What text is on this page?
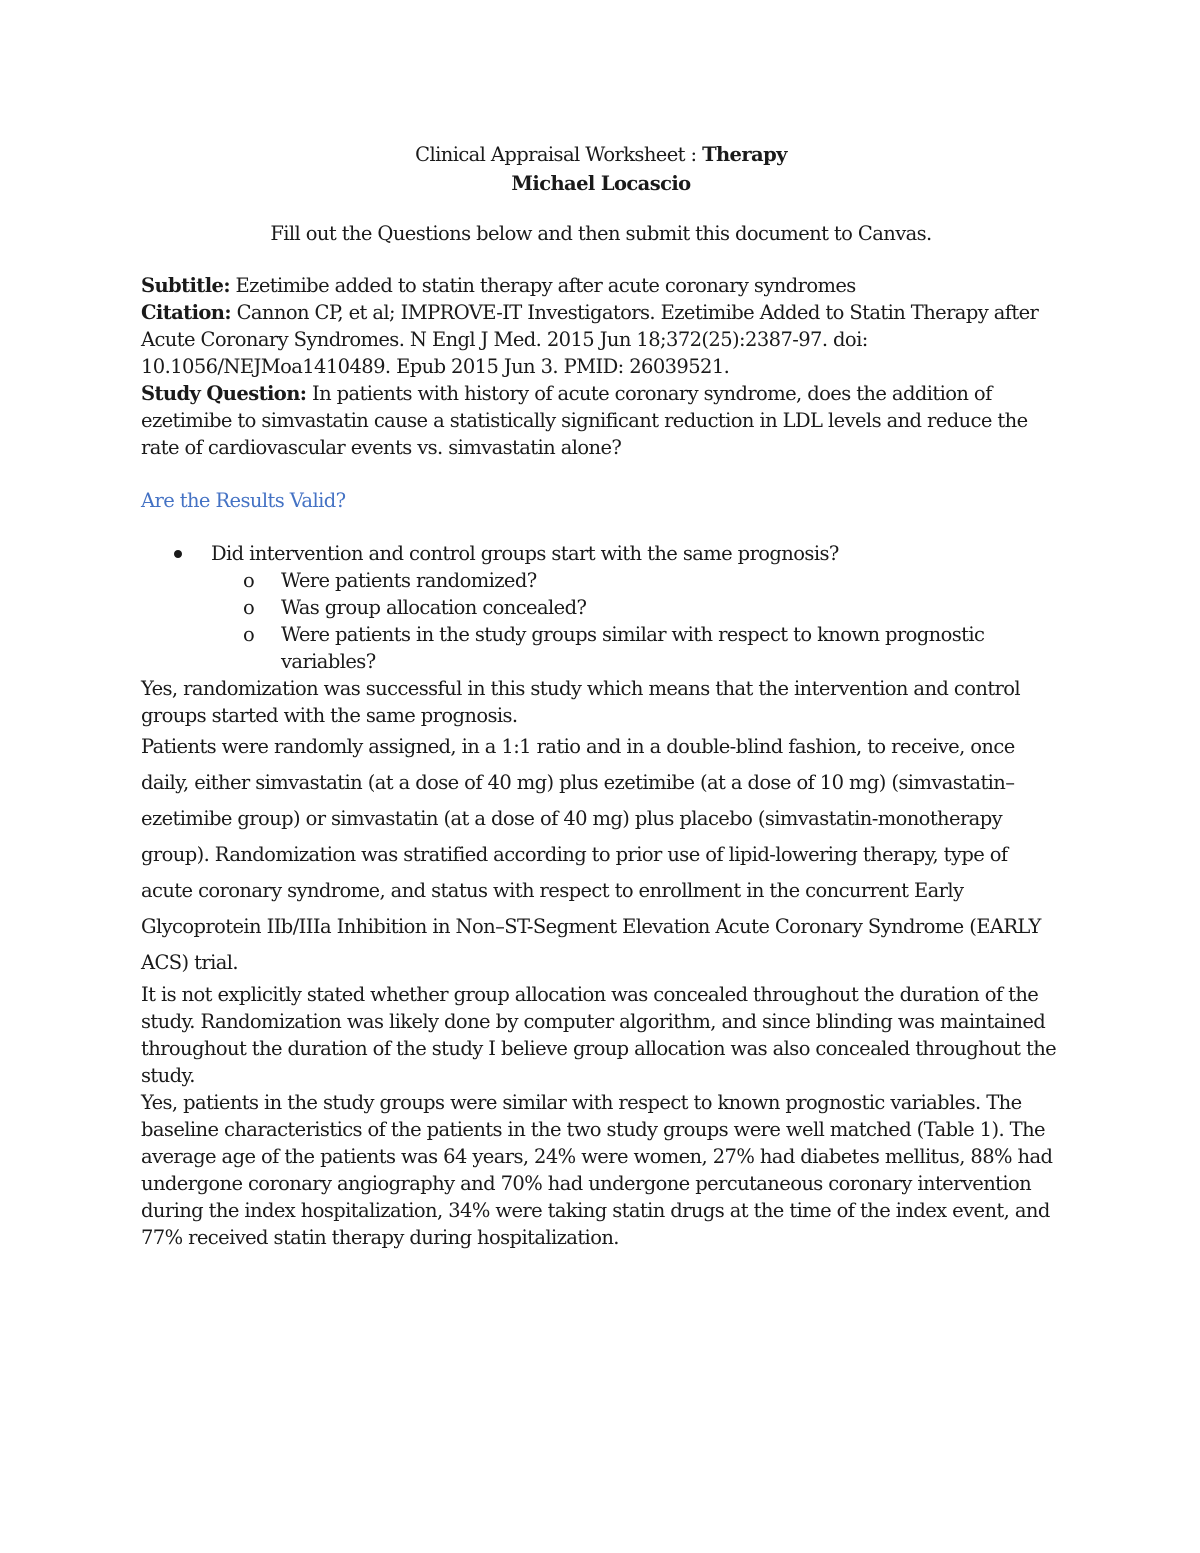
Clinical Appraisal Worksheet : Therapy

Michael Locascio

Fill out the Questions below and then submit this document to Canvas.

Subtitle: Ezetimibe added to statin therapy after acute coronary syndromes

Citation: Cannon CP, et al; IMPROVE-IT Investigators. Ezetimibe Added to Statin Therapy after Acute Coronary Syndromes. N Engl J Med. 2015 Jun 18;372(25):2387-97. doi: 10.1056/NEJMoa1410489. Epub 2015 Jun 3. PMID: 26039521.

Study Question: In patients with history of acute coronary syndrome, does the addition of ezetimibe to simvastatin cause a statistically significant reduction in LDL levels and reduce the rate of cardiovascular events vs. simvastatin alone?

Are the Results Valid?
Did intervention and control groups start with the same prognosis?
o Were patients randomized?
o Was group allocation concealed?
o Were patients in the study groups similar with respect to known prognostic variables?

Yes, randomization was successful in this study which means that the intervention and control groups started with the same prognosis.

Patients were randomly assigned, in a 1:1 ratio and in a double-blind fashion, to receive, once daily, either simvastatin (at a dose of 40 mg) plus ezetimibe (at a dose of 10 mg) (simvastatin–ezetimibe group) or simvastatin (at a dose of 40 mg) plus placebo (simvastatin-monotherapy group). Randomization was stratified according to prior use of lipid-lowering therapy, type of acute coronary syndrome, and status with respect to enrollment in the concurrent Early Glycoprotein IIb/IIIa Inhibition in Non–ST-Segment Elevation Acute Coronary Syndrome (EARLY ACS) trial.

It is not explicitly stated whether group allocation was concealed throughout the duration of the study. Randomization was likely done by computer algorithm, and since blinding was maintained throughout the duration of the study I believe group allocation was also concealed throughout the study.

Yes, patients in the study groups were similar with respect to known prognostic variables. The baseline characteristics of the patients in the two study groups were well matched (Table 1). The average age of the patients was 64 years, 24% were women, 27% had diabetes mellitus, 88% had undergone coronary angiography and 70% had undergone percutaneous coronary intervention during the index hospitalization, 34% were taking statin drugs at the time of the index event, and 77% received statin therapy during hospitalization.
